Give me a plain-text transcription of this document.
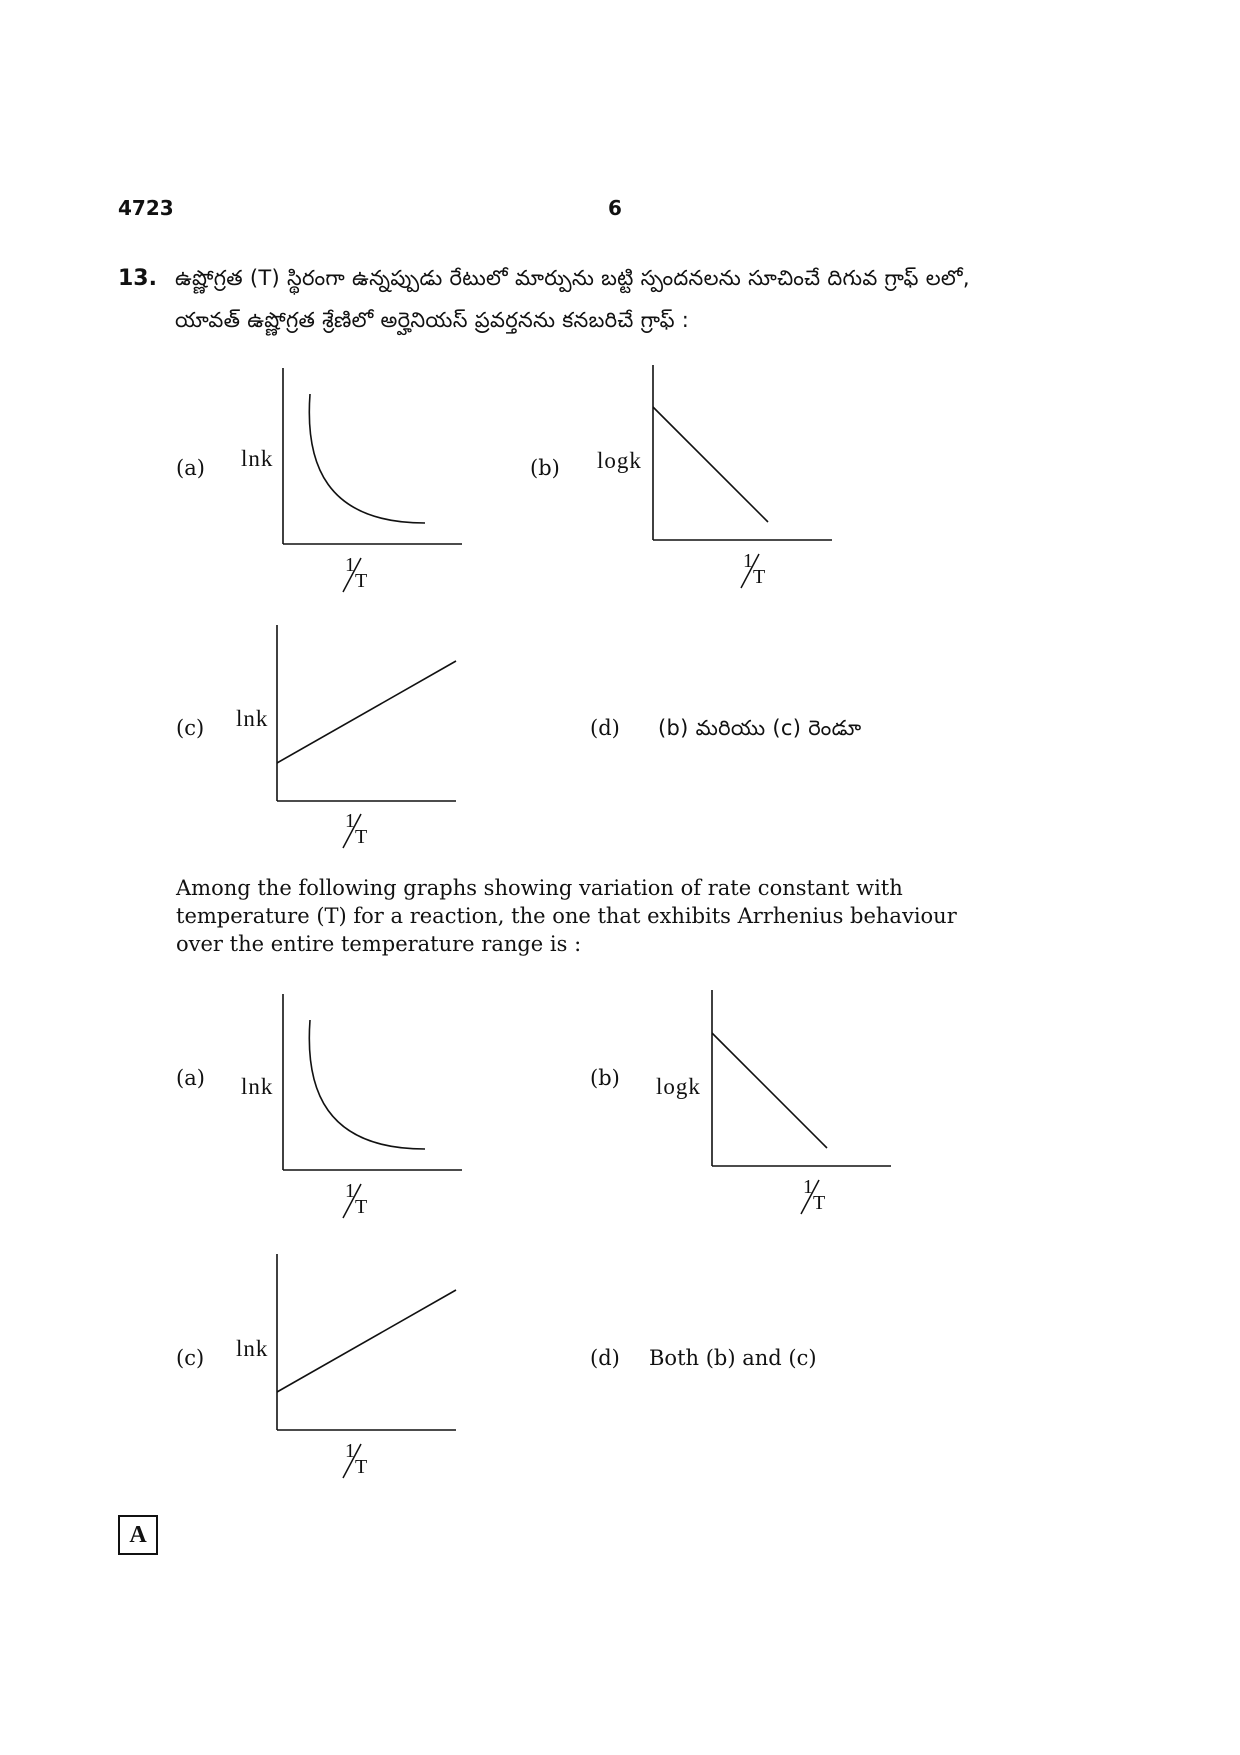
4723	6
13. ఉష్ణోగ్రత (T) స్థిరంగా ఉన్నప్పుడు రేటులో మార్పును బట్టి స్పందనలను సూచించే దిగువ గ్రాఫ్ లలో,
యావత్ ఉష్ణోగ్రత శ్రేణిలో అర్హెనియస్ ప్రవర్తనను కనబరిచే గ్రాఫ్ :
(a) lnk
1
T
(b) logk
1
T
(c) lnk
1
T
(d) (b) మరియు (c) రెండూ

Among the following graphs showing variation of rate constant with

temperature (T) for a reaction, the one that exhibits Arrhenius behaviour

over the entire temperature range is :

(a) lnk
1
T
(b) logk
1
T
(c) lnk
1
T
(d) Both (b) and (c)
A
